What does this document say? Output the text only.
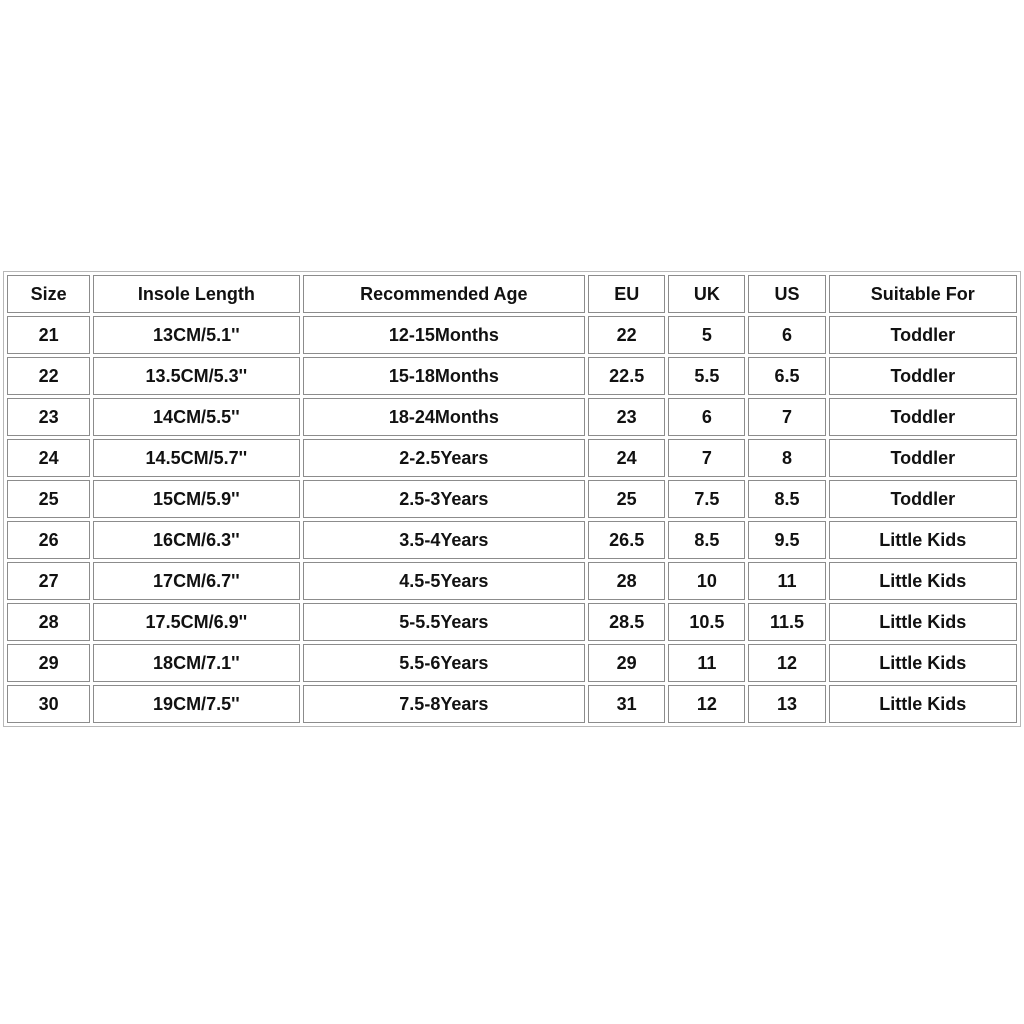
Size	Insole Length	Recommended Age	EU	UK	US	Suitable For
21	13CM/5.1''	12-15Months	22	5	6	Toddler
22	13.5CM/5.3''	15-18Months	22.5	5.5	6.5	Toddler
23	14CM/5.5''	18-24Months	23	6	7	Toddler
24	14.5CM/5.7''	2-2.5Years	24	7	8	Toddler
25	15CM/5.9''	2.5-3Years	25	7.5	8.5	Toddler
26	16CM/6.3''	3.5-4Years	26.5	8.5	9.5	Little Kids
27	17CM/6.7''	4.5-5Years	28	10	11	Little Kids
28	17.5CM/6.9''	5-5.5Years	28.5	10.5	11.5	Little Kids
29	18CM/7.1''	5.5-6Years	29	11	12	Little Kids
30	19CM/7.5''	7.5-8Years	31	12	13	Little Kids
